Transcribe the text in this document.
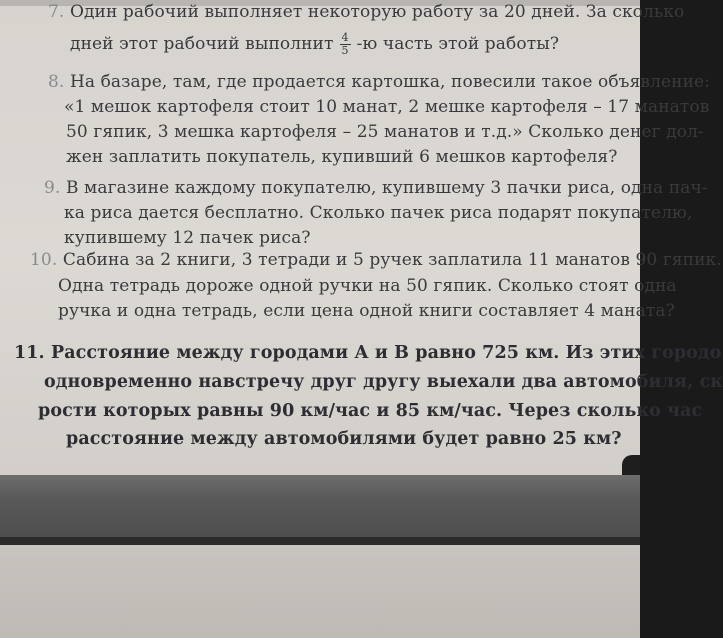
7. Один рабочий выполняет некоторую работу за 20 дней. За сколько
дней этот рабочий выполнит $\frac{4}{5} -ю$ часть этой работы?
8. На базаре, там, где продается картошка, повесили такое объявление:
«1 мешок картофеля стоит 10 манат, 2 мешке картофеля – 17 манатов
50 гяпик, 3 мешка картофеля – 25 манатов и т.д.» Сколько денег дол-
жен заплатить покупатель, купивший 6 мешков картофеля?
9. В магазине каждому покупателю, купившему 3 пачки риса, одна пач-
ка риса дается бесплатно. Сколько пачек риса подарят покупателю,
купившему 12 пачек риса?
10. Сабина за 2 книги, 3 тетради и 5 ручек заплатила 11 манатов 90 гяпик.
Одна тетрадь дороже одной ручки на 50 гяпик. Сколько стоят одна
ручка и одна тетрадь, если цена одной книги составляет 4 маната?
11. Расстояние между городами А и В равно 725 км. Из этих городо
одновременно навстречу друг другу выехали два автомобиля, ск
рости которых равны 90 км/час и 85 км/час. Через сколько час
расстояние между автомобилями будет равно 25 км?
